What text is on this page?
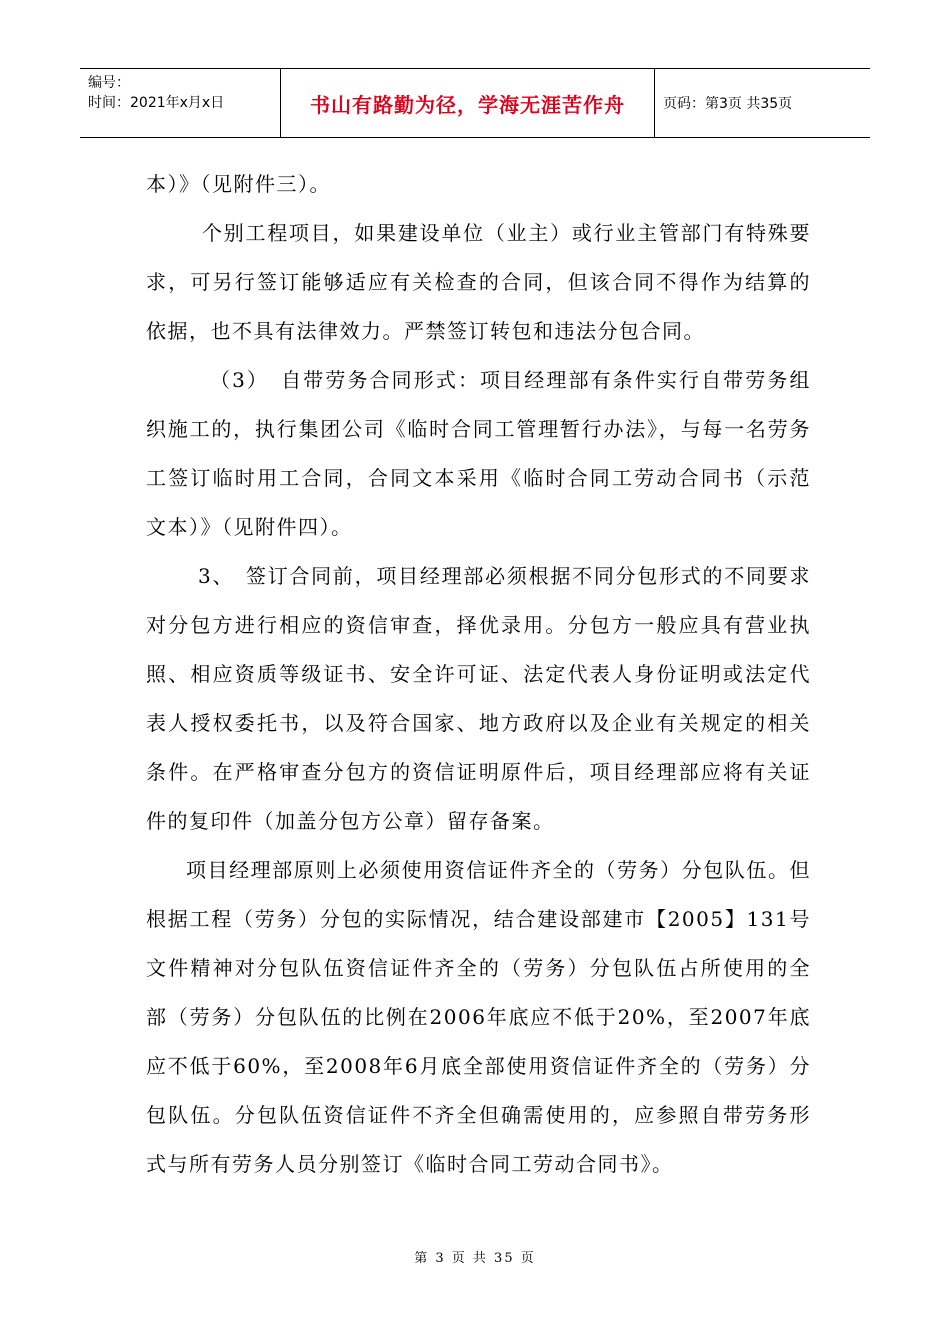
编号：
时间：2021年x月x日	书山有路勤为径，学海无涯苦作舟	页码：第3页 共35页

本）》（见附件三）。

个别工程项目，如果建设单位（业主）或行业主管部门有特殊要求，可另行签订能够适应有关检查的合同，但该合同不得作为结算的依据，也不具有法律效力。严禁签订转包和违法分包合同。

（3）　自带劳务合同形式：项目经理部有条件实行自带劳务组织施工的，执行集团公司《临时合同工管理暂行办法》，与每一名劳务工签订临时用工合同，合同文本采用《临时合同工劳动合同书（示范文本）》（见附件四）。

3、　签订合同前，项目经理部必须根据不同分包形式的不同要求对分包方进行相应的资信审查，择优录用。分包方一般应具有营业执照、相应资质等级证书、安全许可证、法定代表人身份证明或法定代表人授权委托书，以及符合国家、地方政府以及企业有关规定的相关条件。在严格审查分包方的资信证明原件后，项目经理部应将有关证件的复印件（加盖分包方公章）留存备案。

项目经理部原则上必须使用资信证件齐全的（劳务）分包队伍。但根据工程（劳务）分包的实际情况，结合建设部建市【2005】131号文件精神对分包队伍资信证件齐全的（劳务）分包队伍占所使用的全部（劳务）分包队伍的比例在2006年底应不低于20%，至2007年底应不低于60%，至2008年6月底全部使用资信证件齐全的（劳务）分包队伍。分包队伍资信证件不齐全但确需使用的，应参照自带劳务形式与所有劳务人员分别签订《临时合同工劳动合同书》。

第 3 页 共 35 页
